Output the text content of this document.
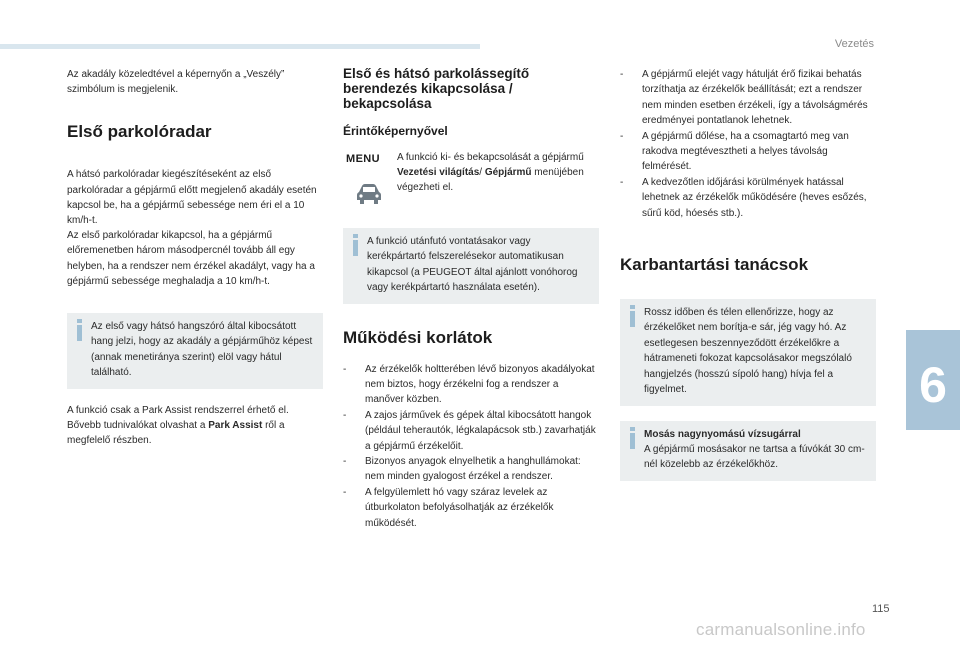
Vezetés
6

Az akadály közeledtével a képernyőn a „Veszély” szimbólum is megjelenik.

Első parkolóradar

A hátsó parkolóradar kiegészítéseként az első parkolóradar a gépjármű előtt megjelenő akadály esetén kapcsol be, ha a gépjármű sebessége nem éri el a 10 km/h-t.

Az első parkolóradar kikapcsol, ha a gépjármű előremenetben három másodpercnél tovább áll egy helyben, ha a rendszer nem érzékel akadályt, vagy ha a gépjármű sebessége meghaladja a 10 km/h-t.

Az első vagy hátsó hangszóró által kibocsátott hang jelzi, hogy az akadály a gépjárműhöz képest (annak menetiránya szerint) elöl vagy hátul található.

A funkció csak a Park Assist rendszerrel érhető el.

Bővebb tudnivalókat olvashat a Park Assist ről a megfelelő részben.

Első és hátsó parkolássegítő berendezés kikapcsolása / bekapcsolása
Érintőképernyővel
MENU A funkció ki- és bekapcsolását a gépjármű Vezetési világítás/ Gépjármű menüjében végezheti el.

A funkció utánfutó vontatásakor vagy kerékpártartó felszerelésekor automatikusan kikapcsol (a PEUGEOT által ajánlott vonóhorog vagy kerékpártartó használata esetén).

Működési korlátok
- Az érzékelők holtterében lévő bizonyos akadályokat nem biztos, hogy érzékelni fog a rendszer a manőver közben.
- A zajos járművek és gépek által kibocsátott hangok (például teherautók, légkalapácsok stb.) zavarhatják a gépjármű érzékelőit.
- Bizonyos anyagok elnyelhetik a hanghullámokat: nem minden gyalogost érzékel a rendszer.
- A felgyülemlett hó vagy száraz levelek az útburkolaton befolyásolhatják az érzékelők működését.
- A gépjármű elejét vagy hátulját érő fizikai behatás torzíthatja az érzékelők beállítását; ezt a rendszer nem minden esetben érzékeli, így a távolságmérés eredményei pontatlanok lehetnek.
- A gépjármű dőlése, ha a csomagtartó meg van rakodva megtévesztheti a helyes távolság felmérését.
- A kedvezőtlen időjárási körülmények hatással lehetnek az érzékelők működésére (heves esőzés, sűrű köd, hóesés stb.).
Karbantartási tanácsok

Rossz időben és télen ellenőrizze, hogy az érzékelőket nem borítja-e sár, jég vagy hó. Az esetlegesen beszennyeződött érzékelőkre a hátrameneti fokozat kapcsolásakor megszólaló hangjelzés (hosszú sípoló hang) hívja fel a figyelmet.

Mosás nagynyomású vízsugárral

A gépjármű mosásakor ne tartsa a fúvókát 30 cm-nél közelebb az érzékelőkhöz.

115
carmanualsonline.info
